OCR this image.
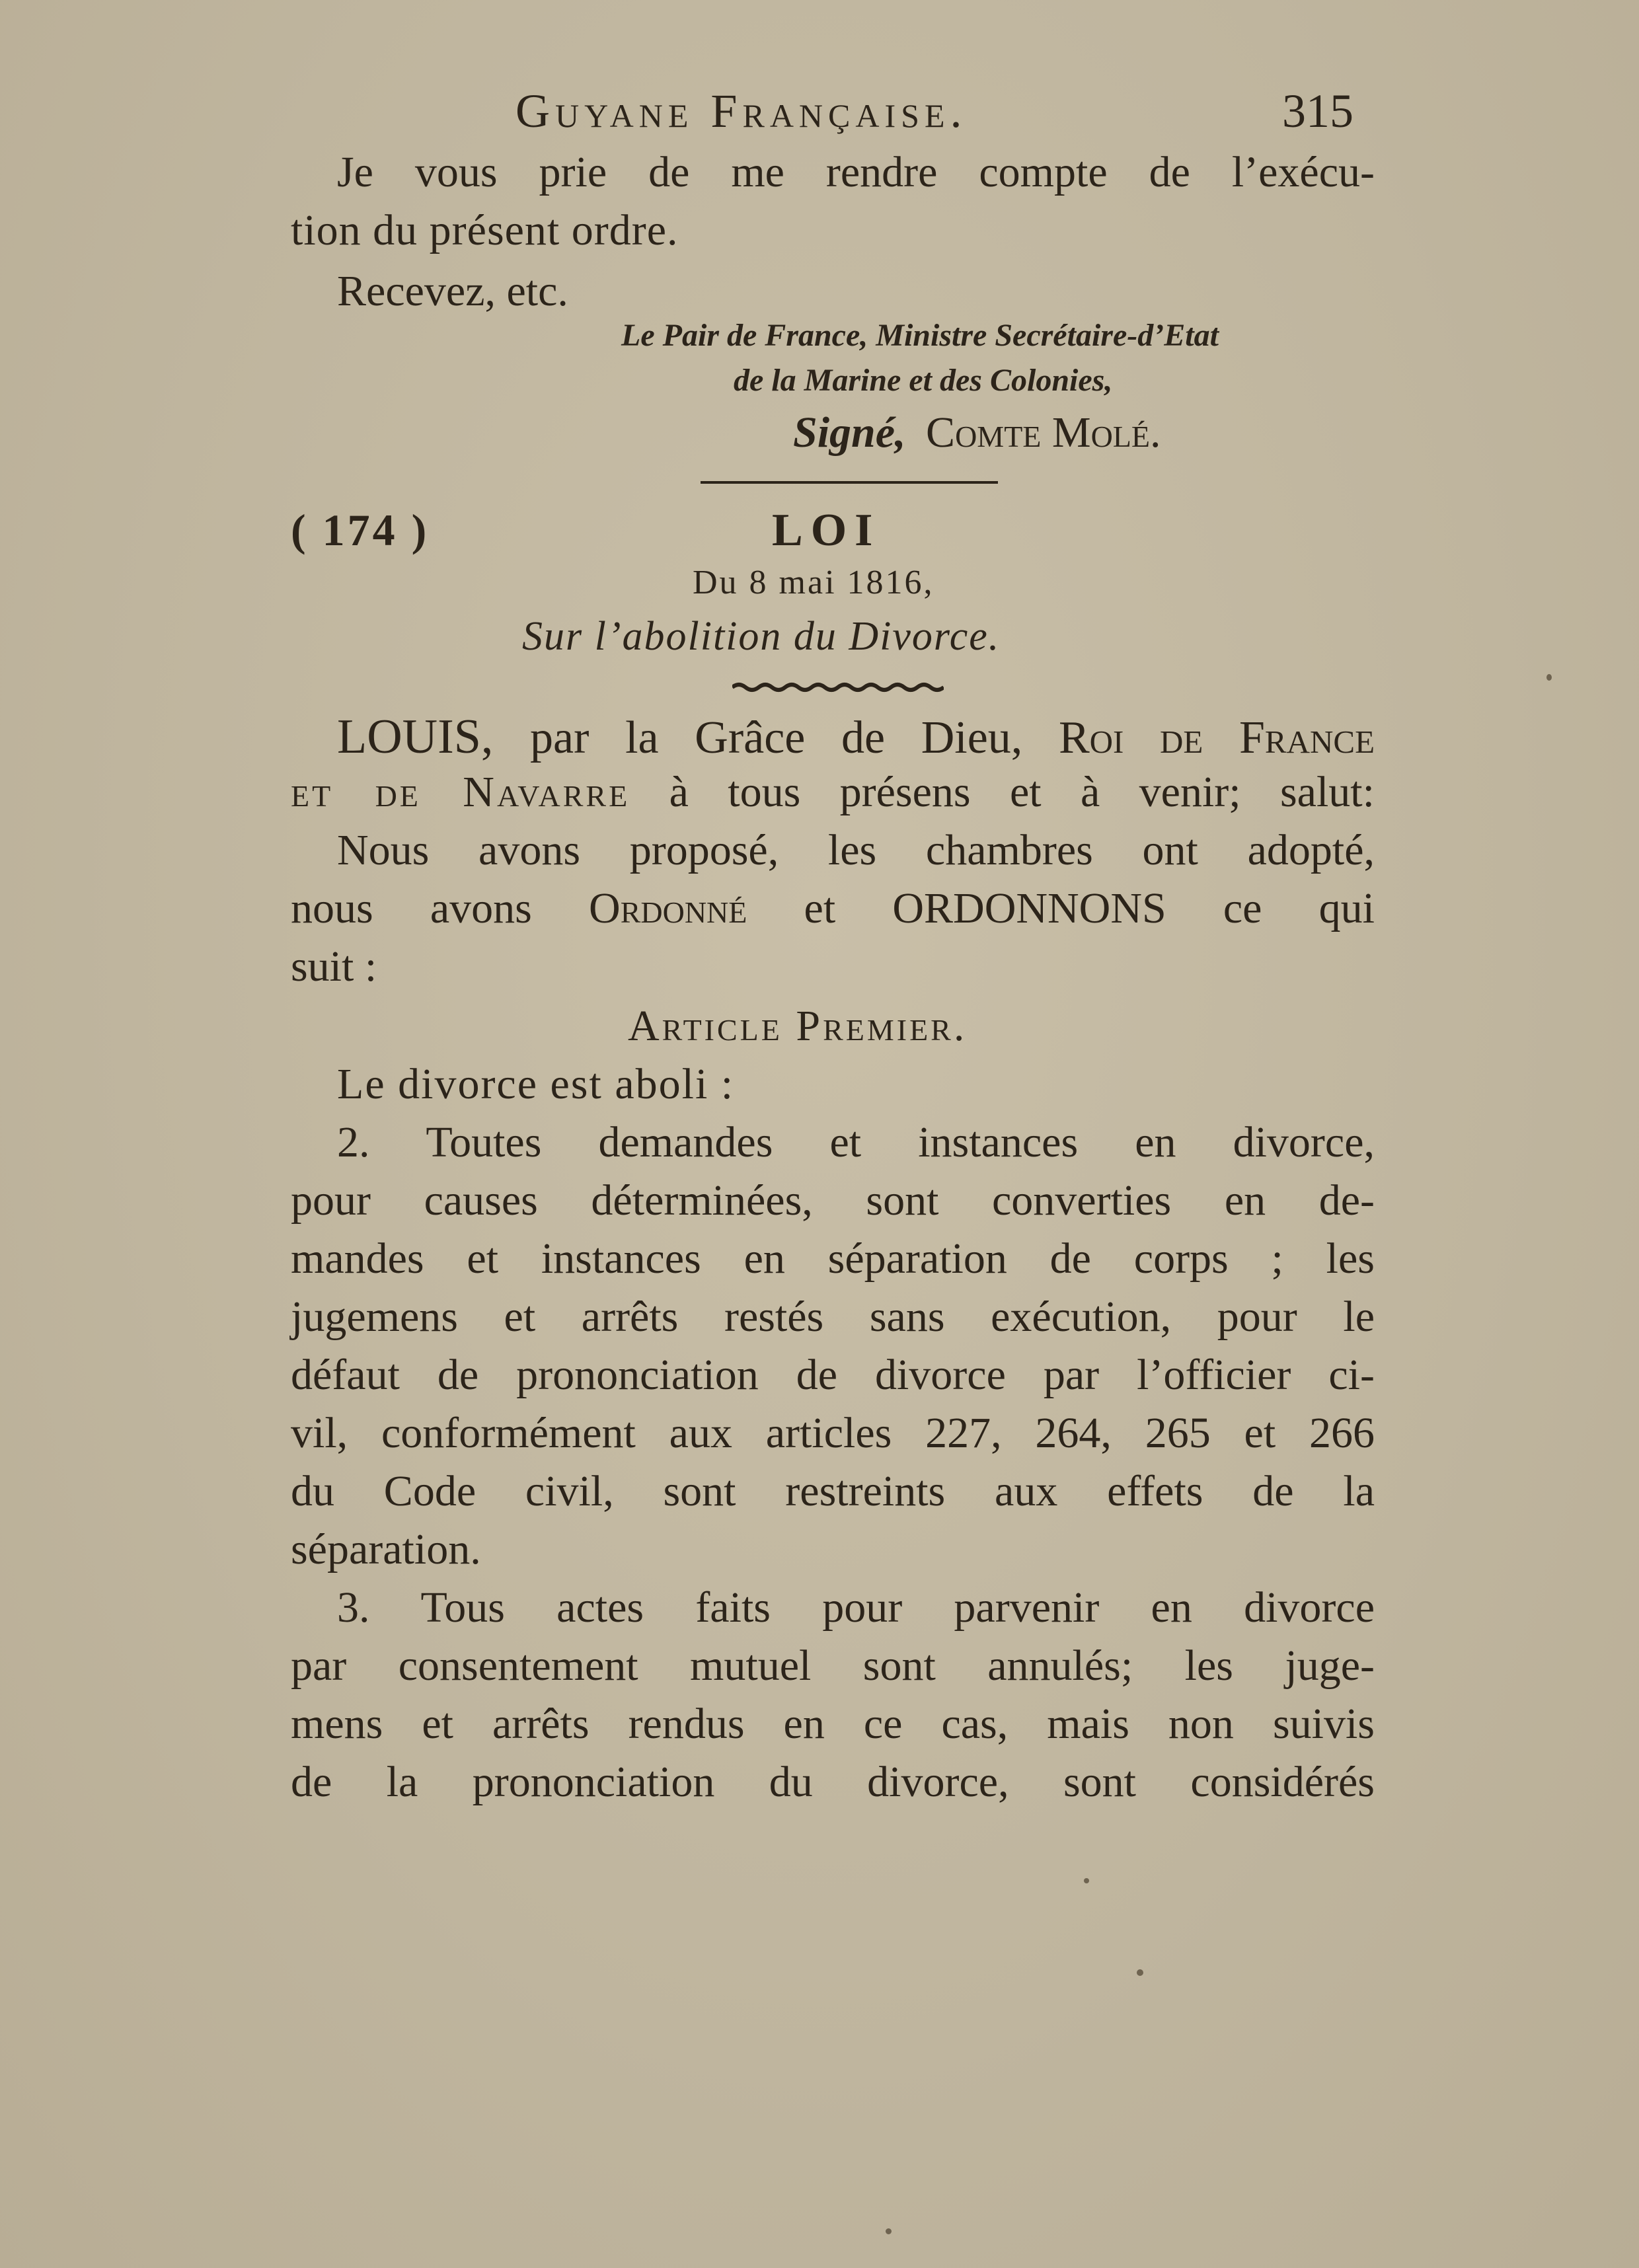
Guyane Française.	315
Je vous prie de me rendre compte de l’exécu-
tion du présent ordre.
Recevez, etc.
Le Pair de France, Ministre Secrétaire-d’Etat
de la Marine et des Colonies,
Signé, Comte Molé.
( 174 )	LOI
Du 8 mai 1816,
Sur l’abolition du Divorce.
LOUIS, par la Grâce de Dieu, Roi de France
et de Navarre à tous présens et à venir; salut:
Nous avons proposé, les chambres ont adopté,
nous avons Ordonné et ORDONNONS ce qui
suit :
Article Premier.
Le divorce est aboli :
2. Toutes demandes et instances en divorce,
pour causes déterminées, sont converties en de-
mandes et instances en séparation de corps ; les
jugemens et arrêts restés sans exécution, pour le
défaut de prononciation de divorce par l’officier ci-
vil, conformément aux articles 227, 264, 265 et 266
du Code civil, sont restreints aux effets de la
séparation.
3. Tous actes faits pour parvenir en divorce
par consentement mutuel sont annulés; les juge-
mens et arrêts rendus en ce cas, mais non suivis
de la prononciation du divorce, sont considérés
